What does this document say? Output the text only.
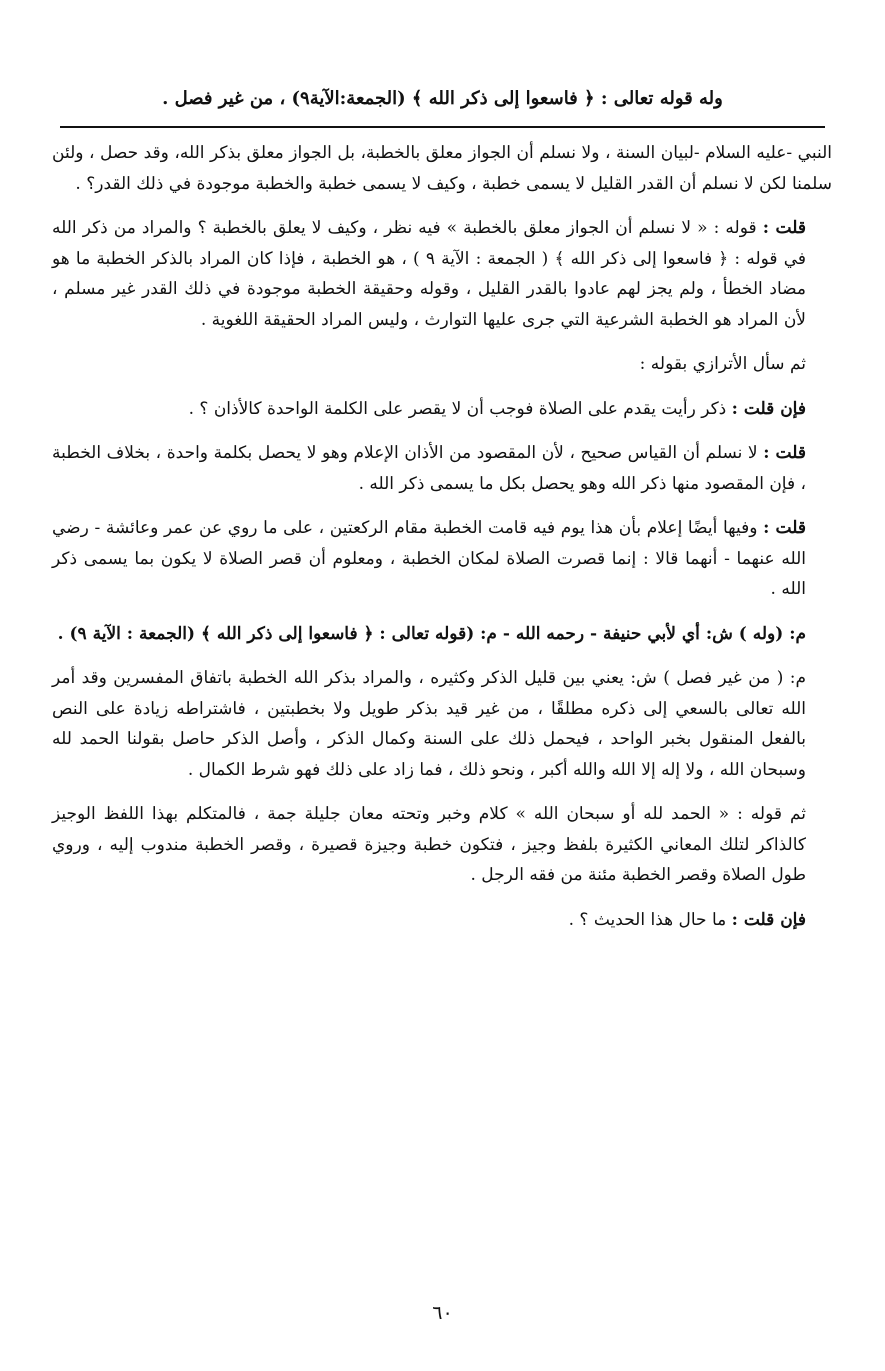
وله قوله تعالى : ﴿ فاسعوا إلى ذكر الله ﴾ (الجمعة:الآية٩) ، من غير فصل .

النبي -عليه السلام -لبيان السنة ، ولا نسلم أن الجواز معلق بالخطبة، بل الجواز معلق بذكر الله، وقد حصل ، ولئن سلمنا لكن لا نسلم أن القدر القليل لا يسمى خطبة ، وكيف لا يسمى خطبة والخطبة موجودة في ذلك القدر؟ .

قلت : قوله : « لا نسلم أن الجواز معلق بالخطبة » فيه نظر ، وكيف لا يعلق بالخطبة ؟ والمراد من ذكر الله في قوله : ﴿ فاسعوا إلى ذكر الله ﴾ ( الجمعة : الآية ٩ ) ، هو الخطبة ، فإذا كان المراد بالذكر الخطبة ما هو مضاد الخطأ ، ولم يجز لهم عادوا بالقدر القليل ، وقوله وحقيقة الخطبة موجودة في ذلك القدر غير مسلم ، لأن المراد هو الخطبة الشرعية التي جرى عليها التوارث ، وليس المراد الحقيقة اللغوية .

ثم سأل الأترازي بقوله :

فإن قلت : ذكر رأيت يقدم على الصلاة فوجب أن لا يقصر على الكلمة الواحدة كالأذان ؟ .

قلت : لا نسلم أن القياس صحيح ، لأن المقصود من الأذان الإعلام وهو لا يحصل بكلمة واحدة ، بخلاف الخطبة ، فإن المقصود منها ذكر الله وهو يحصل بكل ما يسمى ذكر الله .

قلت : وفيها أيضًا إعلام بأن هذا يوم فيه قامت الخطبة مقام الركعتين ، على ما روي عن عمر وعائشة - رضي الله عنهما - أنهما قالا : إنما قصرت الصلاة لمكان الخطبة ، ومعلوم أن قصر الصلاة لا يكون بما يسمى ذكر الله .

م: (وله ) ش: أي لأبي حنيفة - رحمه الله - م: (قوله تعالى : ﴿ فاسعوا إلى ذكر الله ﴾ (الجمعة : الآية ٩) .

م: ( من غير فصل ) ش: يعني بين قليل الذكر وكثيره ، والمراد بذكر الله الخطبة باتفاق المفسرين وقد أمر الله تعالى بالسعي إلى ذكره مطلقًا ، من غير قيد بذكر طويل ولا بخطبتين ، فاشتراطه زيادة على النص بالفعل المنقول بخبر الواحد ، فيحمل ذلك على السنة وكمال الذكر ، وأصل الذكر حاصل بقولنا الحمد لله وسبحان الله ، ولا إله إلا الله والله أكبر ، ونحو ذلك ، فما زاد على ذلك فهو شرط الكمال .

ثم قوله : « الحمد لله أو سبحان الله » كلام وخبر وتحته معان جليلة جمة ، فالمتكلم بهذا اللفظ الوجيز كالذاكر لتلك المعاني الكثيرة بلفظ وجيز ، فتكون خطبة وجيزة قصيرة ، وقصر الخطبة مندوب إليه ، وروي طول الصلاة وقصر الخطبة مئنة من فقه الرجل .

فإن قلت : ما حال هذا الحديث ؟ .

٦٠
